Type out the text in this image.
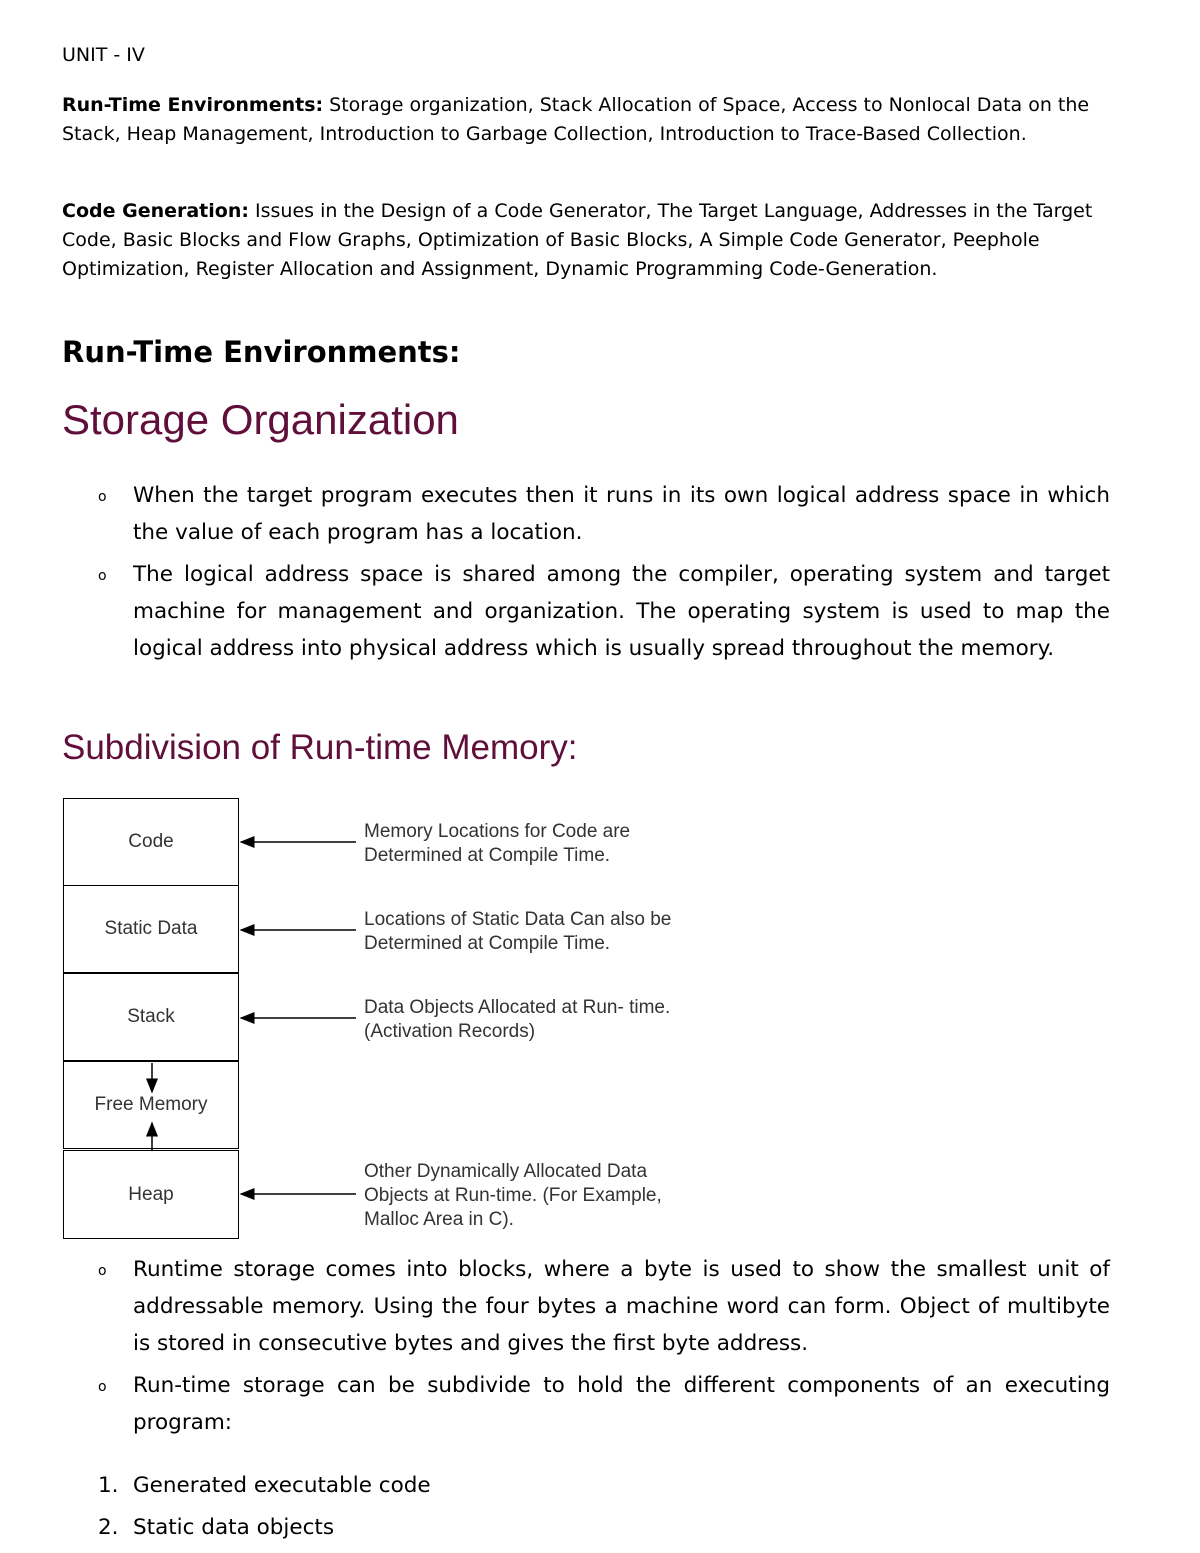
UNIT - IV
Run-Time Environments: Storage organization, Stack Allocation of Space, Access to Nonlocal Data on the Stack, Heap Management, Introduction to Garbage Collection, Introduction to Trace-Based Collection.
Code Generation: Issues in the Design of a Code Generator, The Target Language, Addresses in the Target Code, Basic Blocks and Flow Graphs, Optimization of Basic Blocks, A Simple Code Generator, Peephole Optimization, Register Allocation and Assignment, Dynamic Programming Code-Generation.
Run-Time Environments:
Storage Organization
o When the target program executes then it runs in its own logical address space in which the value of each program has a location.
o The logical address space is shared among the compiler, operating system and target machine for management and organization. The operating system is used to map the logical address into physical address which is usually spread throughout the memory.
Subdivision of Run-time Memory:
Code
Static Data
Stack
Free Memory
Heap
Memory Locations for Code are
Determined at Compile Time.
Locations of Static Data Can also be
Determined at Compile Time.
Data Objects Allocated at Run- time.
(Activation Records)
Other Dynamically Allocated Data
Objects at Run-time. (For Example,
Malloc Area in C).
o Runtime storage comes into blocks, where a byte is used to show the smallest unit of addressable memory. Using the four bytes a machine word can form. Object of multibyte is stored in consecutive bytes and gives the first byte address.
o Run-time storage can be subdivide to hold the different components of an executing program:
1. Generated executable code
2. Static data objects
